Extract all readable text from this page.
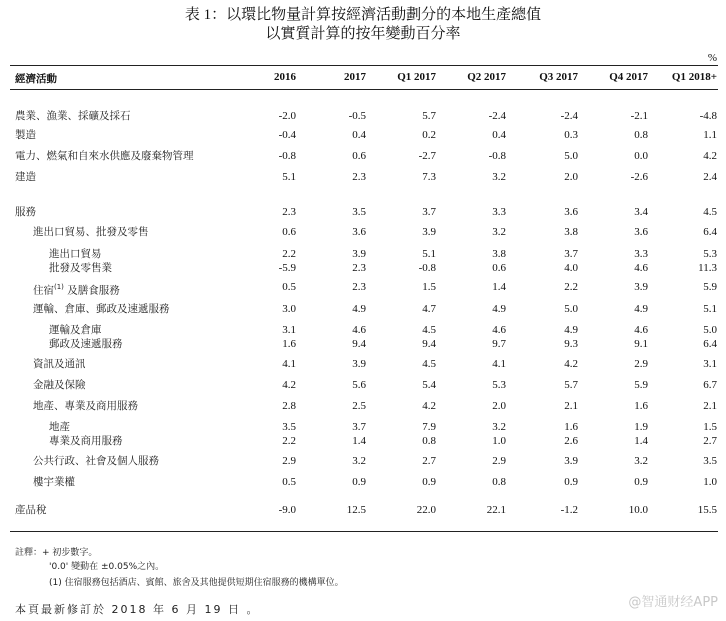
表 1：以環比物量計算按經濟活動劃分的本地生產總值
以實質計算的按年變動百分率
%
經濟活動	2016	2017	Q1 2017	Q2 2017	Q3 2017	Q4 2017	Q1 2018+
農業、漁業、採礦及採石	-2.0	-0.5	5.7	-2.4	-2.4	-2.1	-4.8
製造	-0.4	0.4	0.2	0.4	0.3	0.8	1.1
電力、燃氣和自來水供應及廢棄物管理	-0.8	0.6	-2.7	-0.8	5.0	0.0	4.2
建造	5.1	2.3	7.3	3.2	2.0	-2.6	2.4
服務	2.3	3.5	3.7	3.3	3.6	3.4	4.5
進出口貿易、批發及零售	0.6	3.6	3.9	3.2	3.8	3.6	6.4
進出口貿易	2.2	3.9	5.1	3.8	3.7	3.3	5.3
批發及零售業	-5.9	2.3	-0.8	0.6	4.0	4.6	11.3
住宿$^{(1)}$ 及膳食服務	0.5	2.3	1.5	1.4	2.2	3.9	5.9
運輸、倉庫、郵政及速遞服務	3.0	4.9	4.7	4.9	5.0	4.9	5.1
運輸及倉庫	3.1	4.6	4.5	4.6	4.9	4.6	5.0
郵政及速遞服務	1.6	9.4	9.4	9.7	9.3	9.1	6.4
資訊及通訊	4.1	3.9	4.5	4.1	4.2	2.9	3.1
金融及保險	4.2	5.6	5.4	5.3	5.7	5.9	6.7
地產、專業及商用服務	2.8	2.5	4.2	2.0	2.1	1.6	2.1
地產	3.5	3.7	7.9	3.2	1.6	1.9	1.5
專業及商用服務	2.2	1.4	0.8	1.0	2.6	1.4	2.7
公共行政、社會及個人服務	2.9	3.2	2.7	2.9	3.9	3.2	3.5
樓宇業權	0.5	0.9	0.9	0.8	0.9	0.9	1.0
產品稅	-9.0	12.5	22.0	22.1	-1.2	10.0	15.5
註釋：+ 初步數字。
'0.0' 變動在 ±0.05%之內。
(1) 住宿服務包括酒店、賓館、旅舍及其他提供短期住宿服務的機構單位。
本頁最新修訂於 2018 年 6 月 19 日 。	@智通财经APP
